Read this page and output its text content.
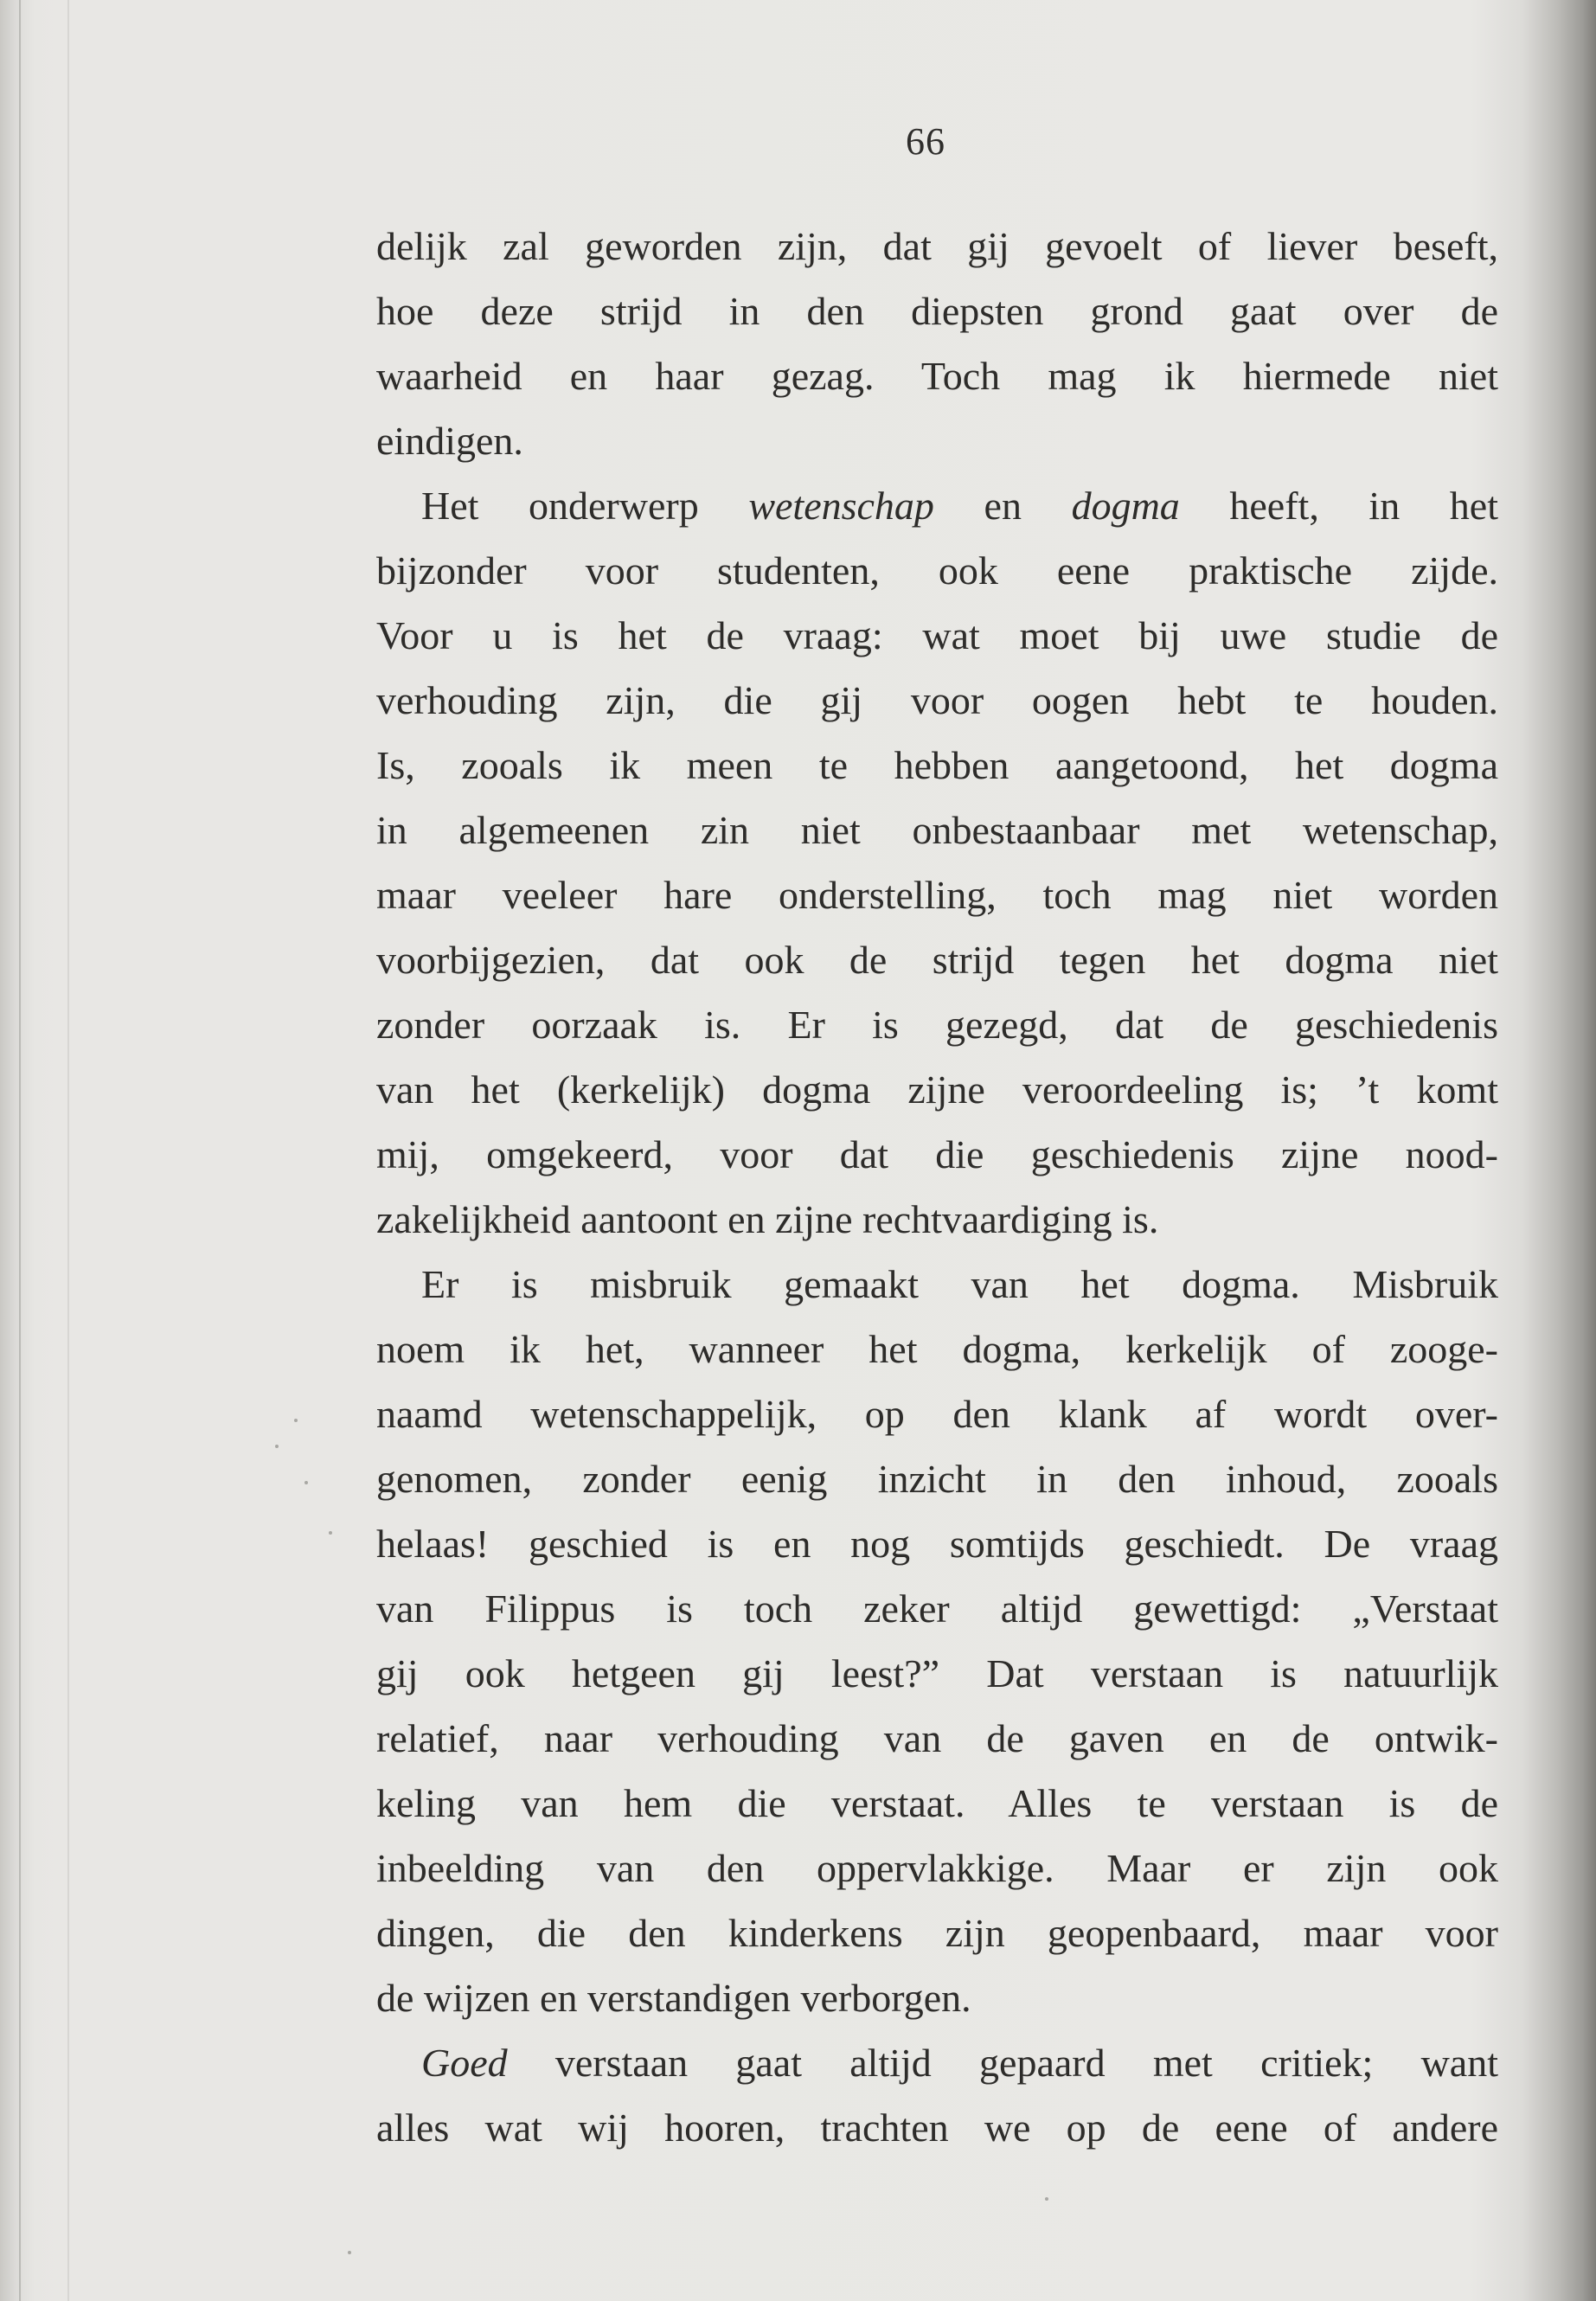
66
delijk zal geworden zijn, dat gij gevoelt of liever beseft,
hoe deze strijd in den diepsten grond gaat over de
waarheid en haar gezag. Toch mag ik hiermede niet
eindigen.
Het onderwerp wetenschap en dogma heeft, in het
bijzonder voor studenten, ook eene praktische zijde.
Voor u is het de vraag: wat moet bij uwe studie de
verhouding zijn, die gij voor oogen hebt te houden.
Is, zooals ik meen te hebben aangetoond, het dogma
in algemeenen zin niet onbestaanbaar met wetenschap,
maar veeleer hare onderstelling, toch mag niet worden
voorbijgezien, dat ook de strijd tegen het dogma niet
zonder oorzaak is. Er is gezegd, dat de geschiedenis
van het (kerkelijk) dogma zijne veroordeeling is; ’t komt
mij, omgekeerd, voor dat die geschiedenis zijne nood-
zakelijkheid aantoont en zijne rechtvaardiging is.
Er is misbruik gemaakt van het dogma. Misbruik
noem ik het, wanneer het dogma, kerkelijk of zooge-
naamd wetenschappelijk, op den klank af wordt over-
genomen, zonder eenig inzicht in den inhoud, zooals
helaas! geschied is en nog somtijds geschiedt. De vraag
van Filippus is toch zeker altijd gewettigd: „Verstaat
gij ook hetgeen gij leest?” Dat verstaan is natuurlijk
relatief, naar verhouding van de gaven en de ontwik-
keling van hem die verstaat. Alles te verstaan is de
inbeelding van den oppervlakkige. Maar er zijn ook
dingen, die den kinderkens zijn geopenbaard, maar voor
de wijzen en verstandigen verborgen.
Goed verstaan gaat altijd gepaard met critiek; want
alles wat wij hooren, trachten we op de eene of andere
